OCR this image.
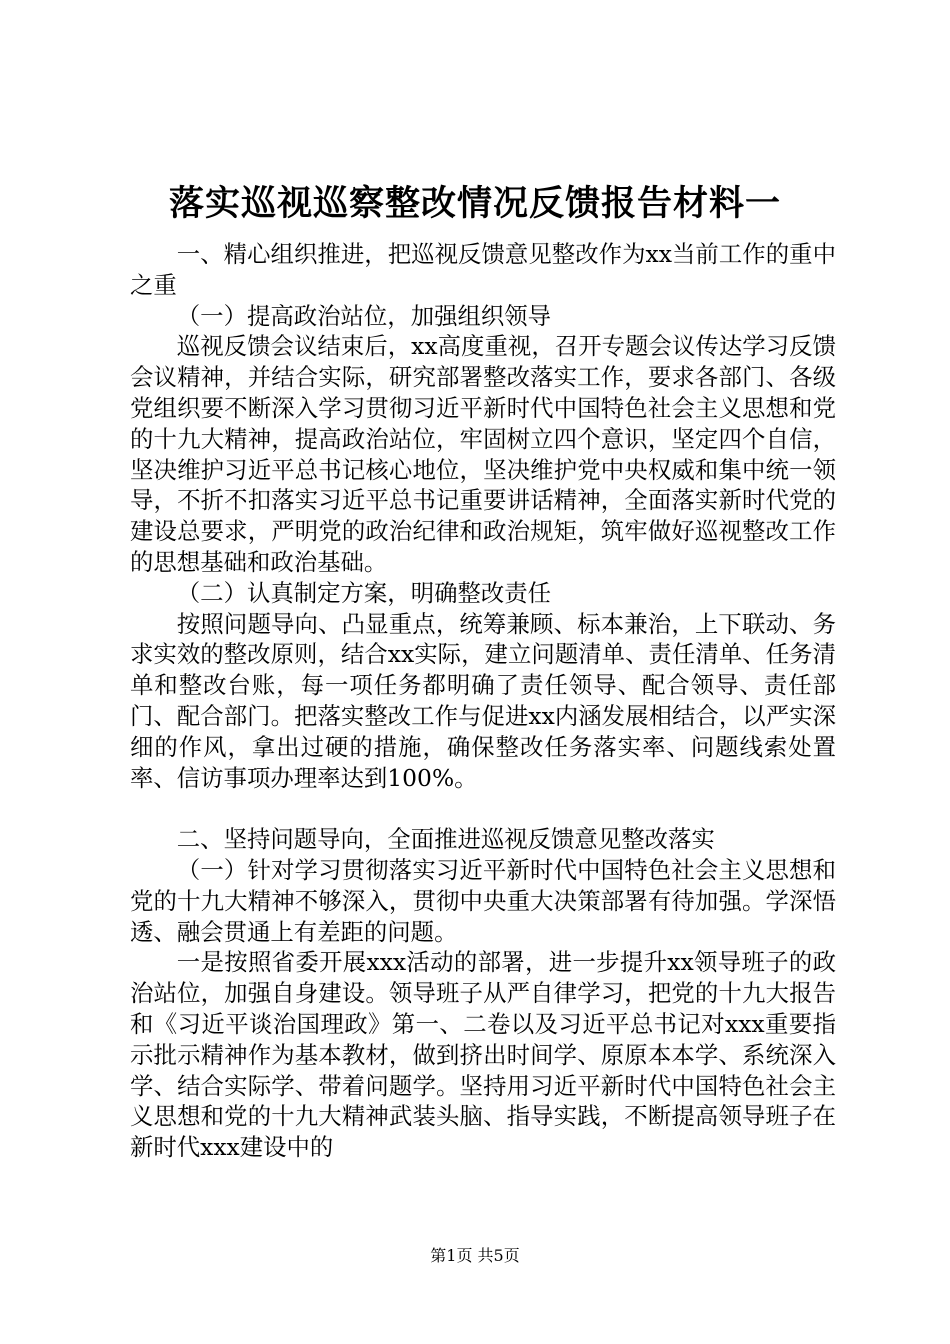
落实巡视巡察整改情况反馈报告材料一

一、精心组织推进，把巡视反馈意见整改作为xx当前工作的重中之重

（一）提高政治站位，加强组织领导

巡视反馈会议结束后，xx高度重视，召开专题会议传达学习反馈会议精神，并结合实际，研究部署整改落实工作，要求各部门、各级党组织要不断深入学习贯彻习近平新时代中国特色社会主义思想和党的十九大精神，提高政治站位，牢固树立四个意识，坚定四个自信，坚决维护习近平总书记核心地位，坚决维护党中央权威和集中统一领导，不折不扣落实习近平总书记重要讲话精神，全面落实新时代党的建设总要求，严明党的政治纪律和政治规矩，筑牢做好巡视整改工作的思想基础和政治基础。

（二）认真制定方案，明确整改责任

按照问题导向、凸显重点，统筹兼顾、标本兼治，上下联动、务求实效的整改原则，结合xx实际，建立问题清单、责任清单、任务清单和整改台账，每一项任务都明确了责任领导、配合领导、责任部门、配合部门。把落实整改工作与促进xx内涵发展相结合，以严实深细的作风，拿出过硬的措施，确保整改任务落实率、问题线索处置率、信访事项办理率达到100%。

二、坚持问题导向，全面推进巡视反馈意见整改落实

（一）针对学习贯彻落实习近平新时代中国特色社会主义思想和党的十九大精神不够深入，贯彻中央重大决策部署有待加强。学深悟透、融会贯通上有差距的问题。

一是按照省委开展xxx活动的部署，进一步提升xx领导班子的政治站位，加强自身建设。领导班子从严自律学习，把党的十九大报告和《习近平谈治国理政》第一、二卷以及习近平总书记对xxx重要指示批示精神作为基本教材，做到挤出时间学、原原本本学、系统深入学、结合实际学、带着问题学。坚持用习近平新时代中国特色社会主义思想和党的十九大精神武装头脑、指导实践，不断提高领导班子在新时代xxx建设中的

第1页 共5页
